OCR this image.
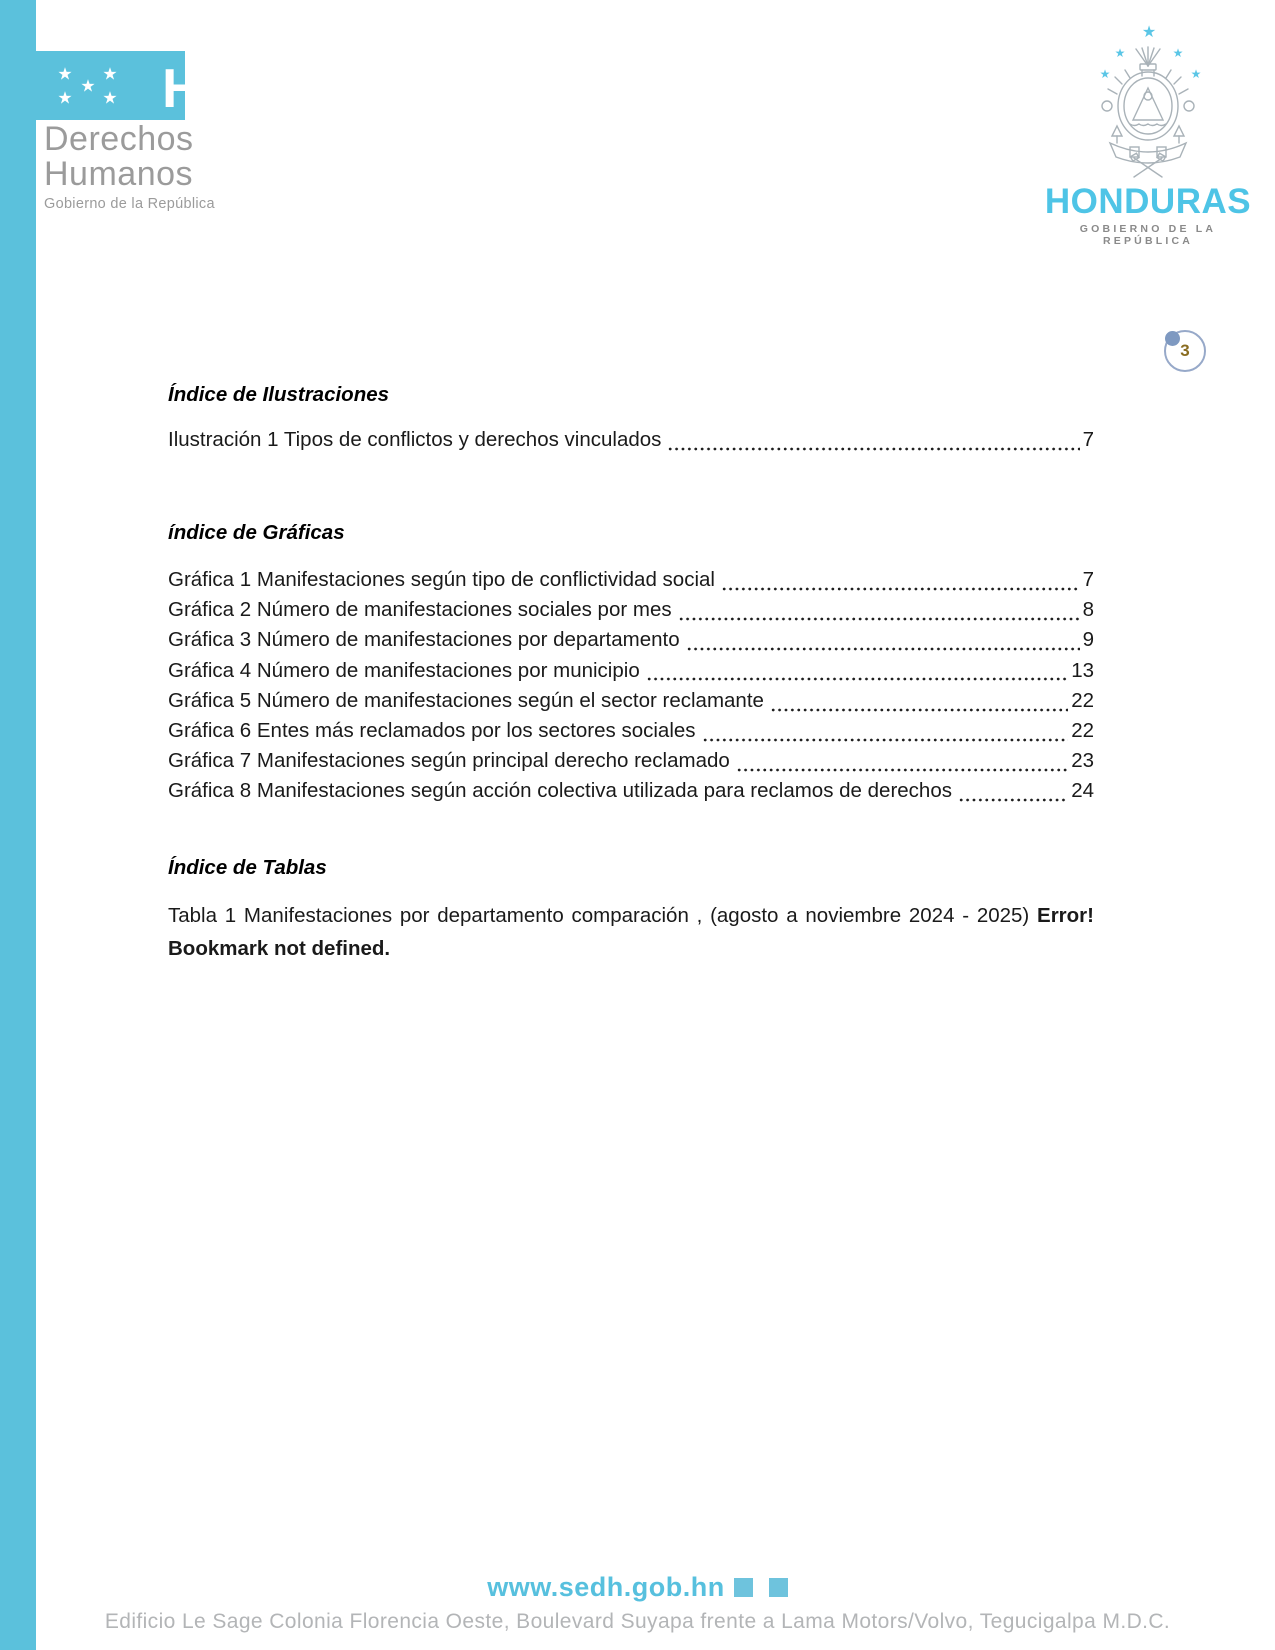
★ ★
★
★ ★ H
Derechos
Humanos
Gobierno de la República
★
★	★
★	★
HONDURAS
GOBIERNO DE LA REPÚBLICA
3
Índice de Ilustraciones
Ilustración 1 Tipos de conflictos y derechos vinculados	7
índice de Gráficas
Gráfica 1 Manifestaciones según tipo de conflictividad social	7
Gráfica 2 Número de manifestaciones sociales por mes	8
Gráfica 3 Número de manifestaciones por departamento	9
Gráfica 4 Número de manifestaciones por municipio	13
Gráfica 5 Número de manifestaciones según el sector reclamante	22
Gráfica 6 Entes más reclamados por los sectores sociales	22
Gráfica 7 Manifestaciones según principal derecho reclamado	23
Gráfica 8 Manifestaciones según acción colectiva utilizada para reclamos de derechos	24
Índice de Tablas

Tabla 1 Manifestaciones por departamento comparación , (agosto a noviembre 2024 - 2025) Error! Bookmark not defined.

www.sedh.gob.hn
Edificio Le Sage Colonia Florencia Oeste, Boulevard Suyapa frente a Lama Motors/Volvo, Tegucigalpa M.D.C.
